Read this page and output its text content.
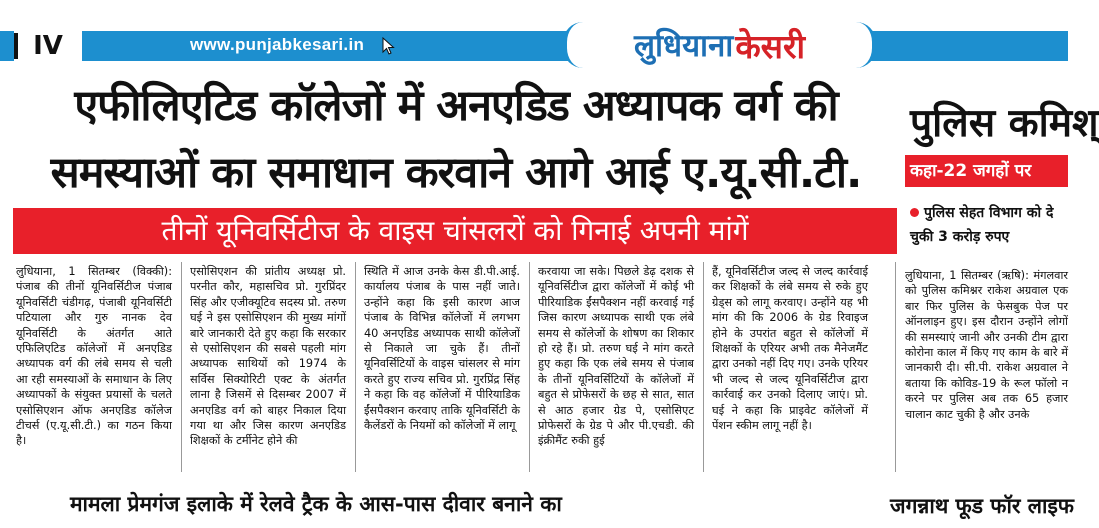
IV	www.punjabkesari.in	लुधियाना केसरी
एफीलिएटिड कॉलेजों में अनएडिड अध्यापक वर्ग की
समस्याओं का समाधान करवाने आगे आई ए.यू.सी.टी.
तीनों यूनिवर्सिटीज के वाइस चांसलरों को गिनाई अपनी मांगें
लुधियाना, 1 सितम्बर (विक्की): पंजाब की तीनों यूनिवर्सिटीज पंजाब यूनिवर्सिटी चंडीगढ़, पंजाबी यूनिवर्सिटी पटियाला और गुरु नानक देव यूनिवर्सिटी के अंतर्गत आते एफिलिएटिड कॉलेजों में अनएडिड अध्यापक वर्ग की लंबे समय से चली आ रही समस्याओं के समाधान के लिए अध्यापकों के संयुक्त प्रयासों के चलते एसोसिएशन ऑफ अनएडिड कॉलेज टीचर्स (ए.यू.सी.टी.) का गठन किया है।
एसोसिएशन की प्रांतीय अध्यक्ष प्रो. परनीत कौर, महासचिव प्रो. गुरप्रिंदर सिंह और एजीक्यूटिव सदस्य प्रो. तरुण घई ने इस एसोसिएशन की मुख्य मांगों बारे जानकारी देते हुए कहा कि सरकार से एसोसिएशन की सबसे पहली मांग अध्यापक साथियों को 1974 के सर्विस सिक्योरिटी एक्ट के अंतर्गत लाना है जिसमें से दिसम्बर 2007 में अनएडिड वर्ग को बाहर निकाल दिया गया था और जिस कारण अनएडिड शिक्षकों के टर्मीनेट होने की
स्थिति में आज उनके केस डी.पी.आई. कार्यालय पंजाब के पास नहीं जाते। उन्होंने कहा कि इसी कारण आज पंजाब के विभिन्न कॉलेजों में लगभग 40 अनएडिड अध्यापक साथी कॉलेजों से निकाले जा चुके हैं। तीनों यूनिवर्सिटियों के वाइस चांसलर से मांग करते हुए राज्य सचिव प्रो. गुरप्रिंद्र सिंह ने कहा कि वह कॉलेजों में पीरियाडिक ईंसपैक्शन करवाए ताकि यूनिवर्सिटी के कैलेंडरों के नियमों को कॉलेजों में लागू
करवाया जा सके। पिछले डेढ़ दशक से यूनिवर्सिटीज द्वारा कॉलेजों में कोई भी पीरियाडिक ईंसपैक्शन नहीं करवाई गई जिस कारण अध्यापक साथी एक लंबे समय से कॉलेजों के शोषण का शिकार हो रहे हैं। प्रो. तरुण घई ने मांग करते हुए कहा कि एक लंबे समय से पंजाब के तीनों यूनिवर्सिटियों के कॉलेजों में बहुत से प्रोफेसरों के छह से सात, सात से आठ हजार ग्रेड पे, एसोसिएट प्रोफेसरों के ग्रेड पे और पी.एचडी. की इंक्रीमैंट रुकी हुई
हैं, यूनिवर्सिटीज जल्द से जल्द कार्रवाई कर शिक्षकों के लंबे समय से रुके हुए ग्रेड्स को लागू करवाए। उन्होंने यह भी मांग की कि 2006 के ग्रेड रिवाइज होने के उपरांत बहुत से कॉलेजों में शिक्षकों के एरियर अभी तक मैनेजमैंट द्वारा उनको नहीं दिए गए। उनके एरियर भी जल्द से जल्द यूनिवर्सिटीज द्वारा कार्रवाई कर उनको दिलाए जाएं। प्रो. घई ने कहा कि प्राइवेट कॉलेजों में पेंशन स्कीम लागू नहीं है।
मामला प्रेमगंज इलाके में रेलवे ट्रैक के आस-पास दीवार बनाने का
पुलिस कमिश्
कहा-22 जगहों पर
पुलिस सेहत विभाग को दे चुकी 3 करोड़ रुपए
लुधियाना, 1 सितम्बर (ऋषि): मंगलवार को पुलिस कमिश्नर राकेश अग्रवाल एक बार फिर पुलिस के फेसबुक पेज पर ऑनलाइन हुए। इस दौरान उन्होंने लोगों की समस्याएं जानी और उनकी टीम द्वारा कोरोना काल में किए गए काम के बारे में जानकारी दी। सी.पी. राकेश अग्रवाल ने बताया कि कोविड-19 के रूल फॉलो न करने पर पुलिस अब तक 65 हजार चालान काट चुकी है और उनके
जगन्नाथ फूड फॉर लाइफ
